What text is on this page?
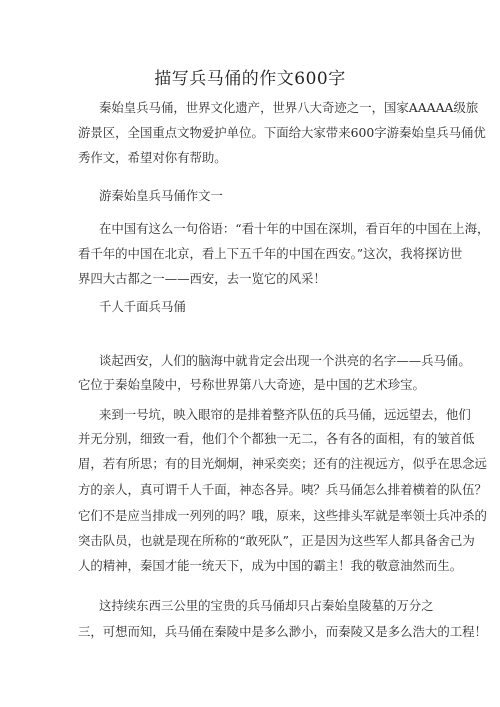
描写兵马俑的作文600字
秦始皇兵马俑，世界文化遗产，世界八大奇迹之一，国家AAAAA级旅
游景区，全国重点文物爱护单位。下面给大家带来600字游秦始皇兵马俑优
秀作文，希望对你有帮助。
游秦始皇兵马俑作文一
在中国有这么一句俗语：“看十年的中国在深圳，看百年的中国在上海，
看千年的中国在北京，看上下五千年的中国在西安。”这次，我将探访世
界四大古都之一——西安，去一览它的风采！
千人千面兵马俑
谈起西安，人们的脑海中就肯定会出现一个洪亮的名字——兵马俑。
它位于秦始皇陵中，号称世界第八大奇迹，是中国的艺术珍宝。
来到一号坑，映入眼帘的是排着整齐队伍的兵马俑，远远望去，他们
并无分别，细致一看，他们个个都独一无二，各有各的面相，有的皱首低
眉，若有所思；有的目光炯炯，神采奕奕；还有的注视远方，似乎在思念远
方的亲人，真可谓千人千面，神态各异。咦？兵马俑怎么排着横着的队伍？
它们不是应当排成一列列的吗？哦，原来，这些排头军就是率领士兵冲杀的
突击队员，也就是现在所称的“敢死队”，正是因为这些军人都具备舍己为
人的精神，秦国才能一统天下，成为中国的霸主！我的敬意油然而生。
这持续东西三公里的宝贵的兵马俑却只占秦始皇陵墓的万分之
三，可想而知，兵马俑在秦陵中是多么渺小，而秦陵又是多么浩大的工程！
